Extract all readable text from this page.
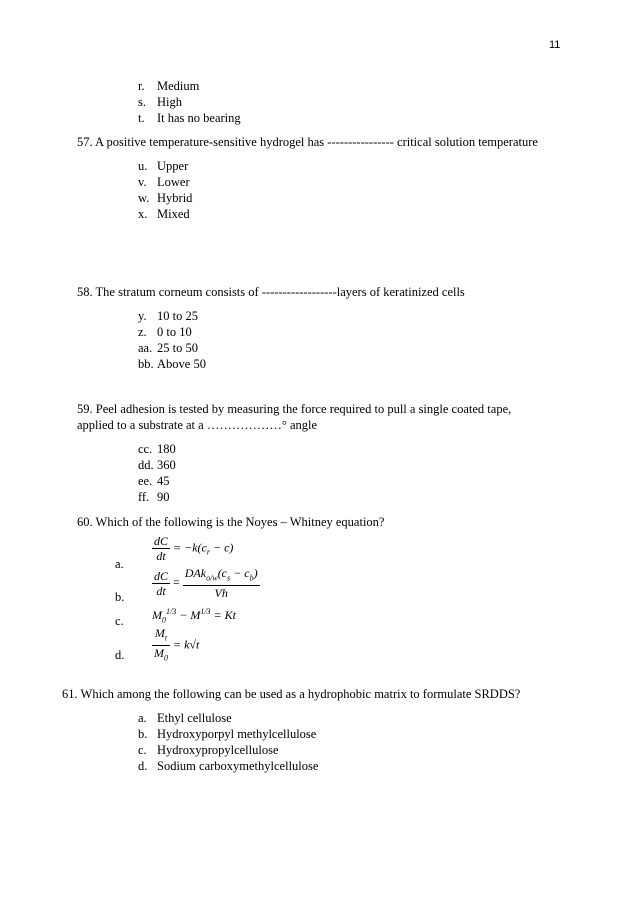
11
r. Medium
s. High
t. It has no bearing
57. A positive temperature-sensitive hydrogel has ---------------- critical solution temperature
u. Upper
v. Lower
w. Hybrid
x. Mixed
58. The stratum corneum consists of ------------------layers of keratinized cells
y. 10 to 25
z. 0 to 10
aa. 25 to 50
bb. Above 50
59. Peel adhesion is tested by measuring the force required to pull a single coated tape,
applied to a substrate at a ………………° angle
cc. 180
dd. 360
ee. 45
ff. 90
60. Which of the following is the Noyes – Whitney equation?
a.
b.
c.
d.
$\frac{dC}{dt} = -k(c_r - c)$
$\frac{dC}{dt} = \frac{DAk_{o/w}(c_s - c_b)}{Vh}$
$M_0^{1/3} - M^{1/3} = Kt$
$\frac{M_t}{M_0} = k√t$
61. Which among the following can be used as a hydrophobic matrix to formulate SRDDS?
a. Ethyl cellulose
b. Hydroxyporpyl methylcellulose
c. Hydroxypropylcellulose
d. Sodium carboxymethylcellulose
